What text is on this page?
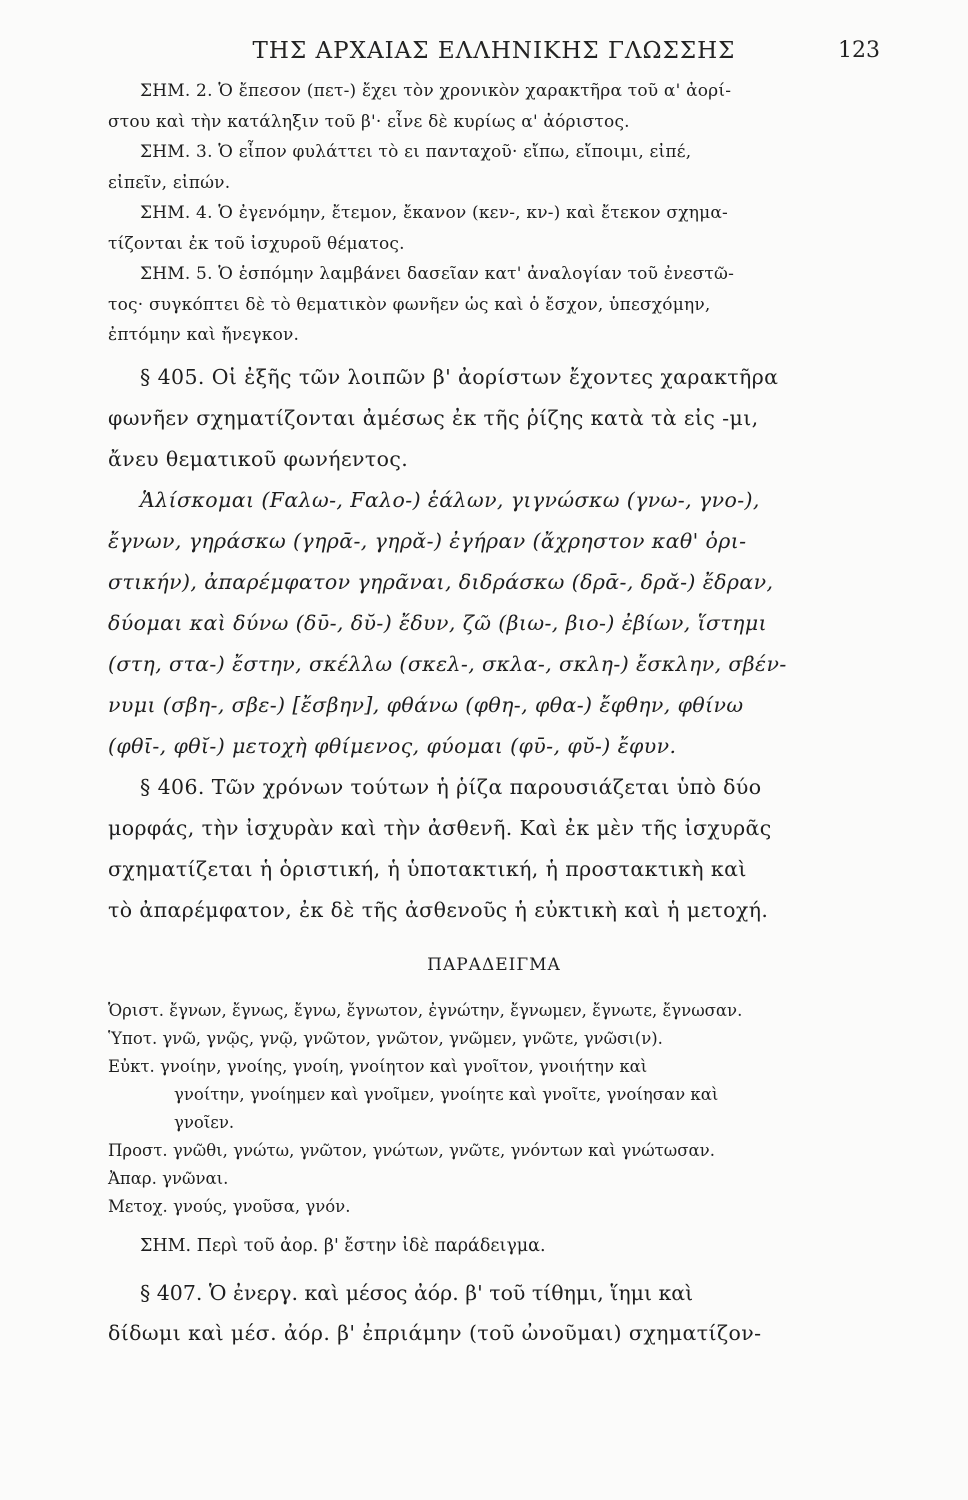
ΤΗΣ ΑΡΧΑΙΑΣ ΕΛΛΗΝΙΚΗΣ ΓΛΩΣΣΗΣ	123
ΣΗΜ. 2. Ὁ ἔπεσον (πετ-) ἔχει τὸν χρονικὸν χαρακτῆρα τοῦ α' ἀορί-
στου καὶ τὴν κατάληξιν τοῦ β'· εἶνε δὲ κυρίως α' ἀόριστος.
ΣΗΜ. 3. Ὁ εἶπον φυλάττει τὸ ει πανταχοῦ· εἴπω, εἴποιμι, εἰπέ,
εἰπεῖν, εἰπών.
ΣΗΜ. 4. Ὁ ἐγενόμην, ἔτεμον, ἔκανον (κεν-, κν-) καὶ ἔτεκον σχημα-
τίζονται ἐκ τοῦ ἰσχυροῦ θέματος.
ΣΗΜ. 5. Ὁ ἑσπόμην λαμβάνει δασεῖαν κατ' ἀναλογίαν τοῦ ἐνεστῶ-
τος· συγκόπτει δὲ τὸ θεματικὸν φωνῆεν ὡς καὶ ὁ ἔσχον, ὑπεσχόμην,
ἐπτόμην καὶ ἤνεγκον.
§ 405. Οἱ ἐξῆς τῶν λοιπῶν β' ἀορίστων ἔχοντες χαρακτῆρα
φωνῆεν σχηματίζονται ἀμέσως ἐκ τῆς ῥίζης κατὰ τὰ εἰς -μι,
ἄνευ θεματικοῦ φωνήεντος.
Ἁλίσκομαι (Fαλω-, Fαλο-) ἑάλων, γιγνώσκω (γνω-, γνο-),
ἔγνων, γηράσκω (γηρᾱ-, γηρᾰ-) ἐγήραν (ἄχρηστον καθ' ὁρι-
στικήν), ἀπαρέμφατον γηρᾶναι, διδράσκω (δρᾱ-, δρᾰ-) ἔδραν,
δύομαι καὶ δύνω (δῡ-, δῠ-) ἔδυν, ζῶ (βιω-, βιο-) ἐβίων, ἵστημι
(στη, στα-) ἔστην, σκέλλω (σκελ-, σκλα-, σκλη-) ἔσκλην, σβέν-
νυμι (σβη-, σβε-) [ἔσβην], φθάνω (φθη-, φθα-) ἔφθην, φθίνω
(φθῑ-, φθῐ-) μετοχὴ φθίμενος, φύομαι (φῡ-, φῠ-) ἔφυν.
§ 406. Τῶν χρόνων τούτων ἡ ῥίζα παρουσιάζεται ὑπὸ δύο
μορφάς, τὴν ἰσχυρὰν καὶ τὴν ἀσθενῆ. Καὶ ἐκ μὲν τῆς ἰσχυρᾶς
σχηματίζεται ἡ ὁριστική, ἡ ὑποτακτική, ἡ προστακτικὴ καὶ
τὸ ἀπαρέμφατον, ἐκ δὲ τῆς ἀσθενοῦς ἡ εὐκτικὴ καὶ ἡ μετοχή.
ΠΑΡΑΔΕΙΓΜΑ
Ὁριστ. ἔγνων, ἔγνως, ἔγνω, ἔγνωτον, ἐγνώτην, ἔγνωμεν, ἔγνωτε, ἔγνωσαν.
Ὑποτ. γνῶ, γνῷς, γνῷ, γνῶτον, γνῶτον, γνῶμεν, γνῶτε, γνῶσι(ν).
Εὐκτ. γνοίην, γνοίης, γνοίη, γνοίητον καὶ γνοῖτον, γνοιήτην καὶ
γνοίτην, γνοίημεν καὶ γνοῖμεν, γνοίητε καὶ γνοῖτε, γνοίησαν καὶ
γνοῖεν.
Προστ. γνῶθι, γνώτω, γνῶτον, γνώτων, γνῶτε, γνόντων καὶ γνώτωσαν.
Ἀπαρ. γνῶναι.
Μετοχ. γνούς, γνοῦσα, γνόν.
ΣΗΜ. Περὶ τοῦ ἀορ. β' ἔστην ἰδὲ παράδειγμα.
§ 407. Ὁ ἐνεργ. καὶ μέσος ἀόρ. β' τοῦ τίθημι, ἵημι καὶ
δίδωμι καὶ μέσ. ἀόρ. β' ἐπριάμην (τοῦ ὠνοῦμαι) σχηματίζον-
